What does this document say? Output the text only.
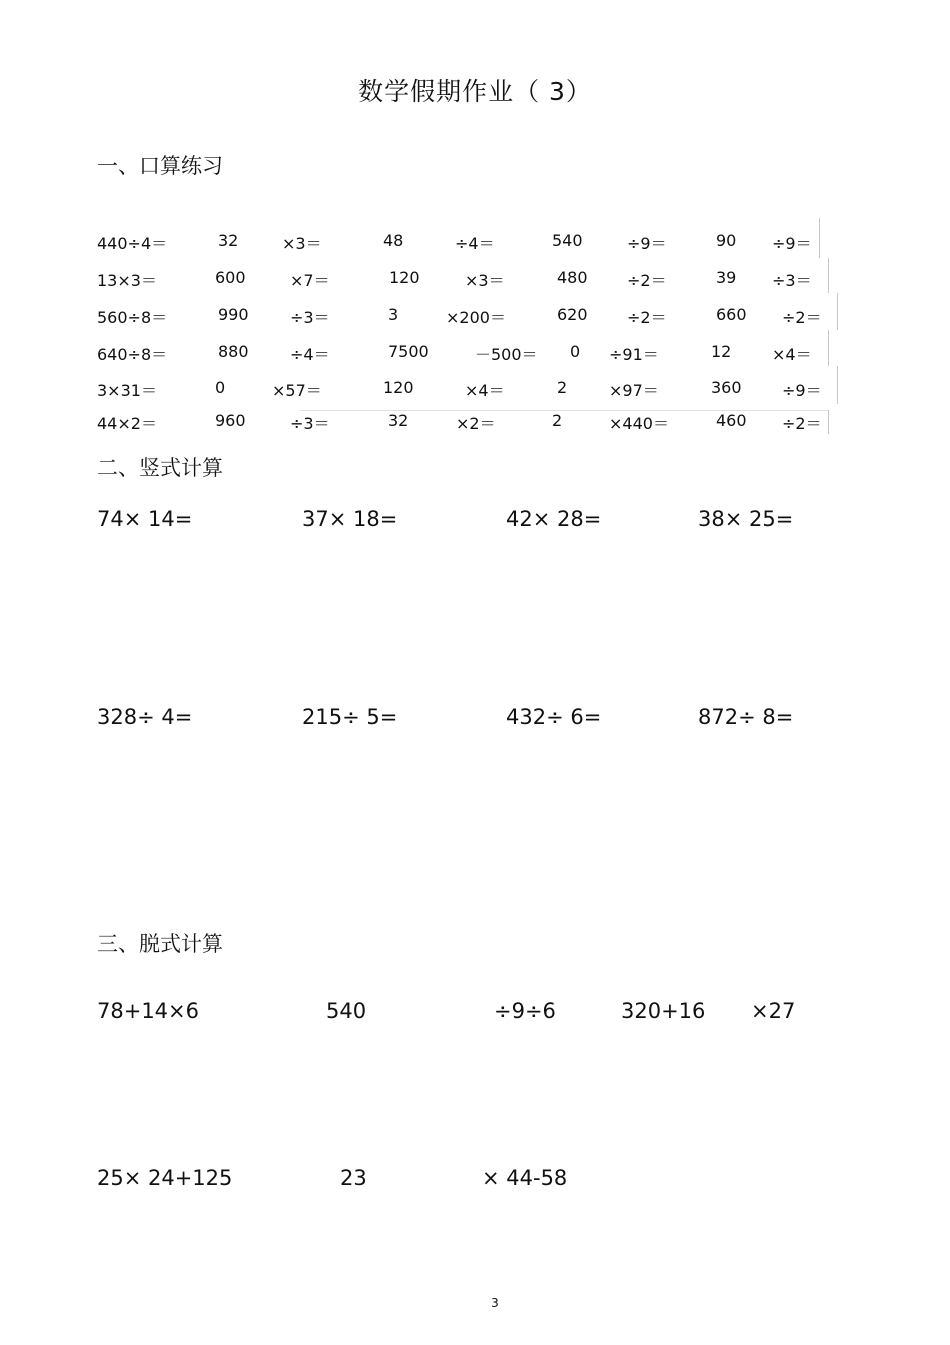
数学假期作业（ 3）
一、口算练习
440÷4＝	32	×3＝	48	÷4＝	540	÷9＝	90 ÷9＝
13×3＝	600	×7＝	120	×3＝	480 ÷2＝	39 ÷3＝
560÷8＝	990	÷3＝	3	×200＝	620 ÷2＝	660 ÷2＝
640÷8＝	880	÷4＝	7500	－500＝ 0 ÷91＝	12	×4＝
3×31＝	0	×57＝	120	×4＝	2	×97＝	360	÷9＝
44×2＝	960	÷3＝	32	×2＝	2	×440＝	460 ÷2＝
二、竖式计算
74× 14=	37× 18=	42× 28=	38× 25=
328÷ 4=	215÷ 5=	432÷ 6=	872÷ 8=
三、脱式计算
78+14×6	540	÷9÷6	320+16 ×27
25× 24+125	23	× 44-58
3
